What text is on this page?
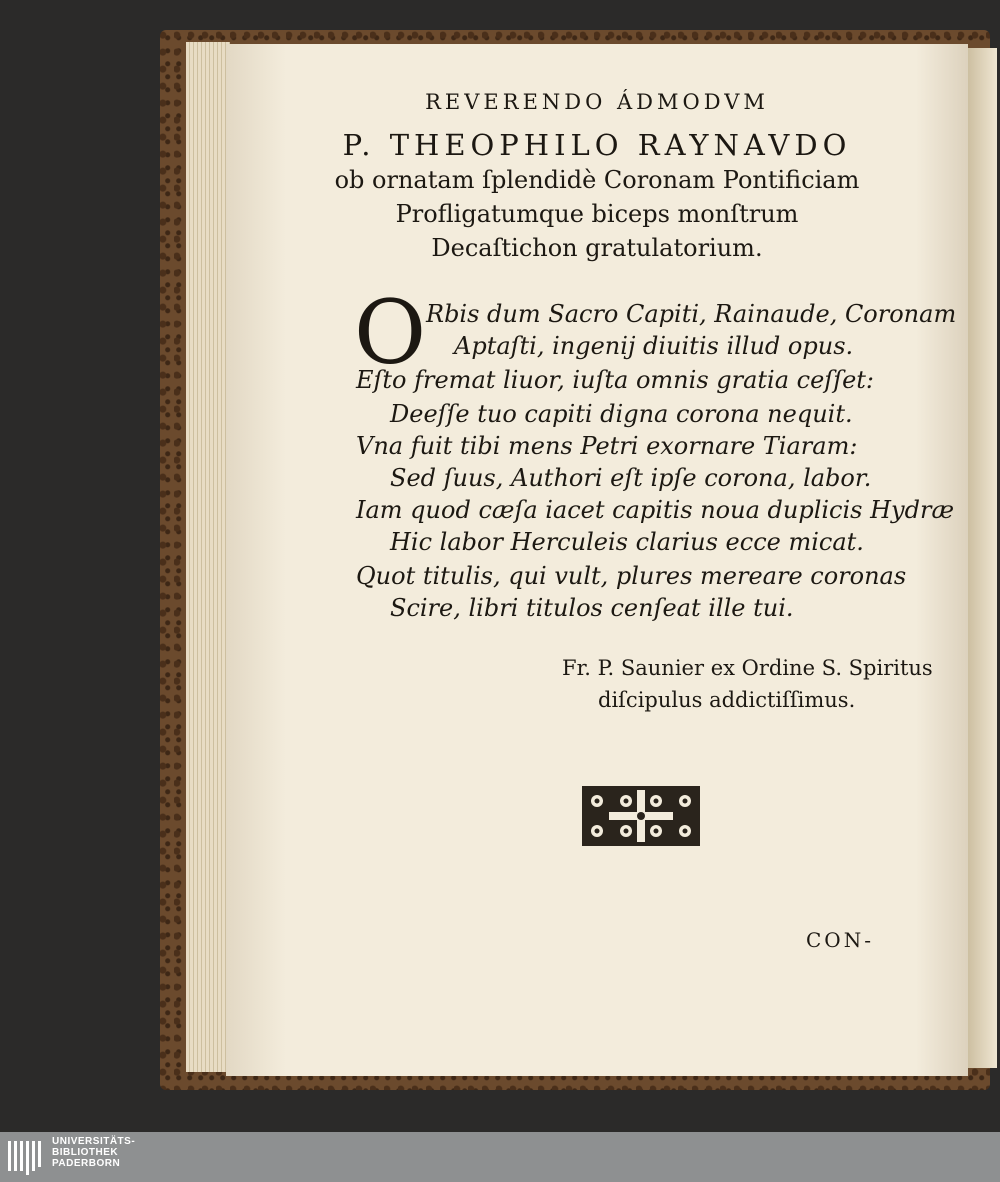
REVERENDO ÁDMODVM
P. THEOPHILO RAYNAVDO
ob ornatam ſplendidè Coronam Pontificiam
Profligatumque biceps monſtrum
Decaſtichon gratulatorium.
O Rbis dum Sacro Capiti, Rainaude, Coronam
Aptaſti, ingenij diuitis illud opus.
Eſto fremat liuor, iuſta omnis gratia ceſſet:
Deeſſe tuo capiti digna corona nequit.
Vna fuit tibi mens Petri exornare Tiaram:
Sed ſuus, Authori eſt ipſe corona, labor.
Iam quod cæſa iacet capitis noua duplicis Hydræ
Hic labor Herculeis clarius ecce micat.
Quot titulis, qui vult, plures mereare coronas
Scire, libri titulos cenſeat ille tui.
Fr. P. Saunier ex Ordine S. Spiritus
diſcipulus addictiſſimus.
CON-
UNIVERSITÄTS-
BIBLIOTHEK
PADERBORN
